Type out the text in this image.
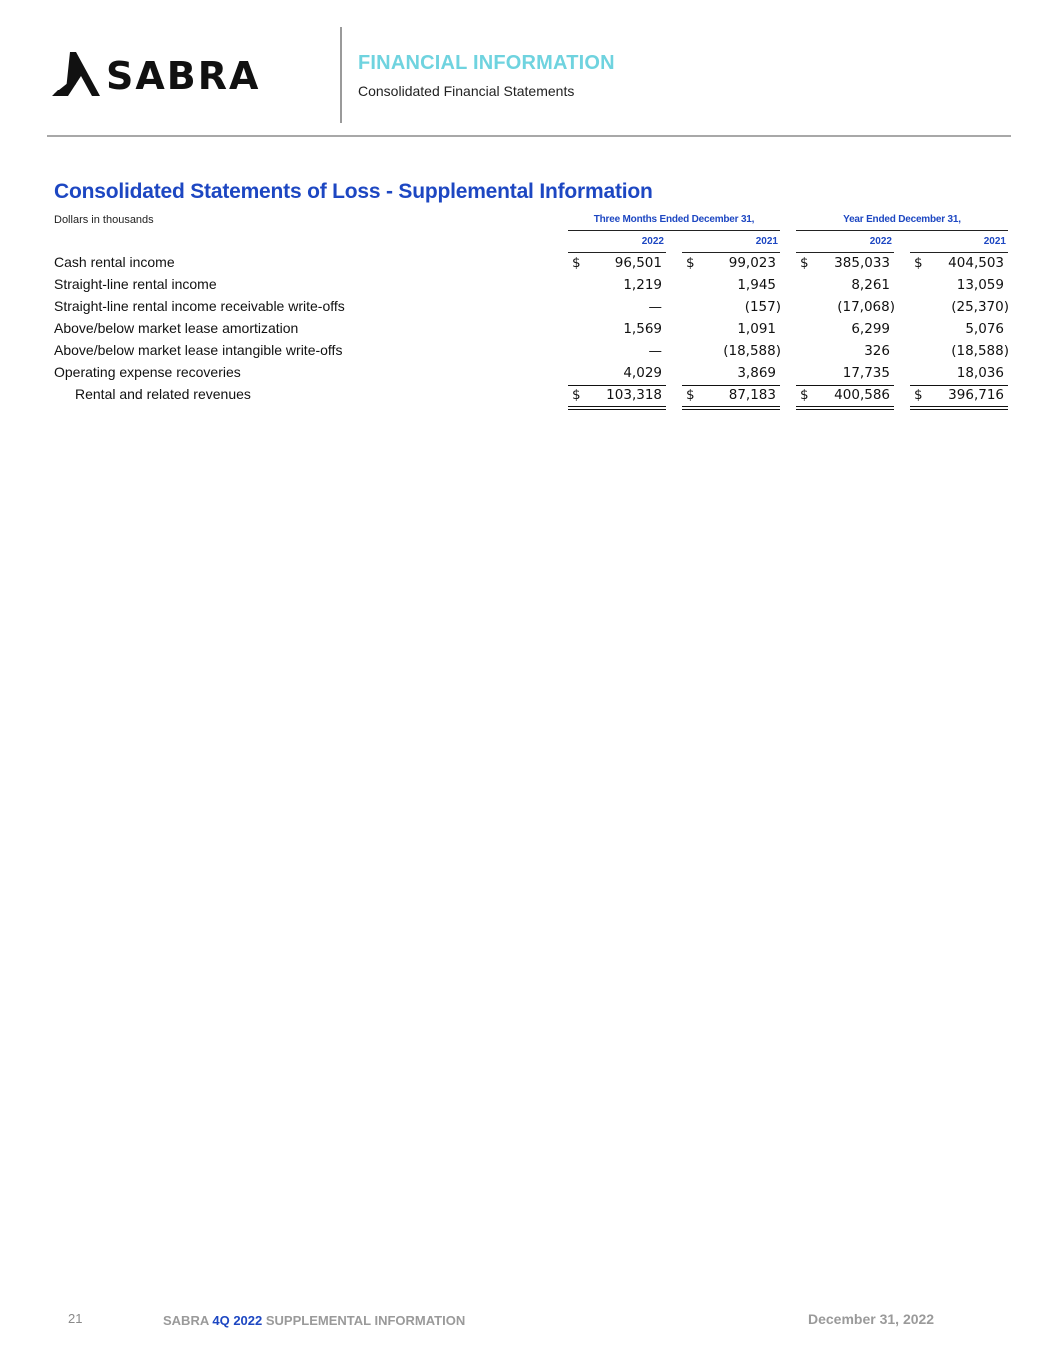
SABRA	FINANCIAL INFORMATION
Consolidated Financial Statements
Consolidated Statements of Loss - Supplemental Information
Dollars in thousands	Three Months Ended December 31,	Year Ended December 31,
2022	2021	2022	2021
Cash rental income	$	96,501 $	99,023 $	385,033 $	404,503
Straight-line rental income	1,219	1,945	8,261	13,059
Straight-line rental income receivable write-offs	—	(157)	(17,068)	(25,370)
Above/below market lease amortization	1,569	1,091	6,299	5,076
Above/below market lease intangible write-offs	—	(18,588)	326	(18,588)
Operating expense recoveries	4,029	3,869	17,735	18,036
Rental and related revenues	$	103,318 $	87,183 $	400,586 $	396,716
21	SABRA 4Q 2022 SUPPLEMENTAL INFORMATION	December 31, 2022
